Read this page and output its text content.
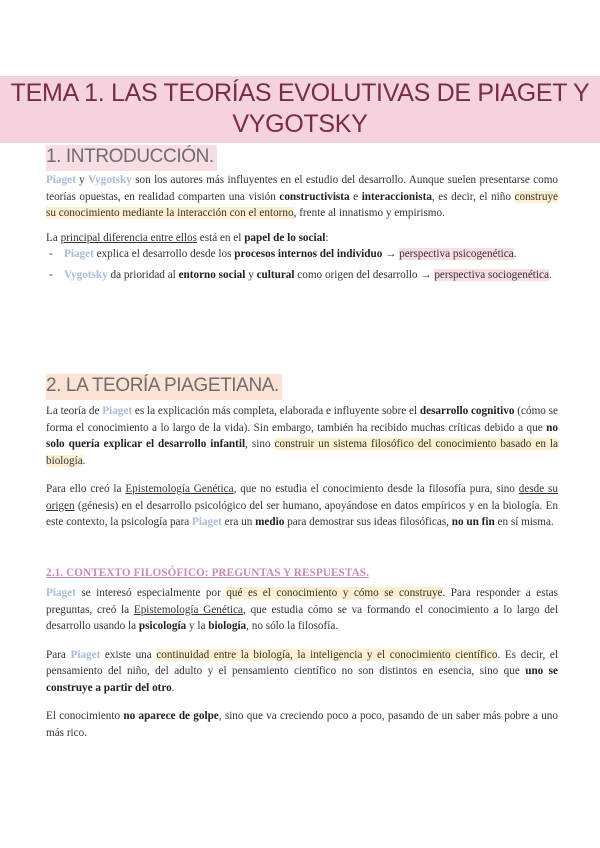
TEMA 1. LAS TEORÍAS EVOLUTIVAS DE PIAGET Y VYGOTSKY
1. INTRODUCCIÓN.

Piaget y Vygotsky son los autores más influyentes en el estudio del desarrollo. Aunque suelen presentarse como teorías opuestas, en realidad comparten una visión constructivista e interaccionista, es decir, el niño construye su conocimiento mediante la interacción con el entorno, frente al innatismo y empirismo.

La principal diferencia entre ellos está en el papel de lo social:

- Piaget explica el desarrollo desde los procesos internos del individuo → perspectiva psicogenética.

- Vygotsky da prioridad al entorno social y cultural como origen del desarrollo → perspectiva sociogenética.

2. LA TEORÍA PIAGETIANA.

La teoría de Piaget es la explicación más completa, elaborada e influyente sobre el desarrollo cognitivo (cómo se forma el conocimiento a lo largo de la vida). Sin embargo, también ha recibido muchas críticas debido a que no solo quería explicar el desarrollo infantil, sino construir un sistema filosófico del conocimiento basado en la biología.

Para ello creó la Epistemología Genética, que no estudia el conocimiento desde la filosofía pura, sino desde su origen (génesis) en el desarrollo psicológico del ser humano, apoyándose en datos empíricos y en la biología. En este contexto, la psicología para Piaget era un medio para demostrar sus ideas filosóficas, no un fin en sí misma.

2.1. CONTEXTO FILOSÓFICO: PREGUNTAS Y RESPUESTAS.

Piaget se interesó especialmente por qué es el conocimiento y cómo se construye. Para responder a estas preguntas, creó la Epistemología Genética, que estudia cómo se va formando el conocimiento a lo largo del desarrollo usando la psicología y la biología, no sólo la filosofía.

Para Piaget existe una continuidad entre la biología, la inteligencia y el conocimiento científico. Es decir, el pensamiento del niño, del adulto y el pensamiento científico no son distintos en esencia, sino que uno se construye a partir del otro.

El conocimiento no aparece de golpe, sino que va creciendo poco a poco, pasando de un saber más pobre a uno más rico.
